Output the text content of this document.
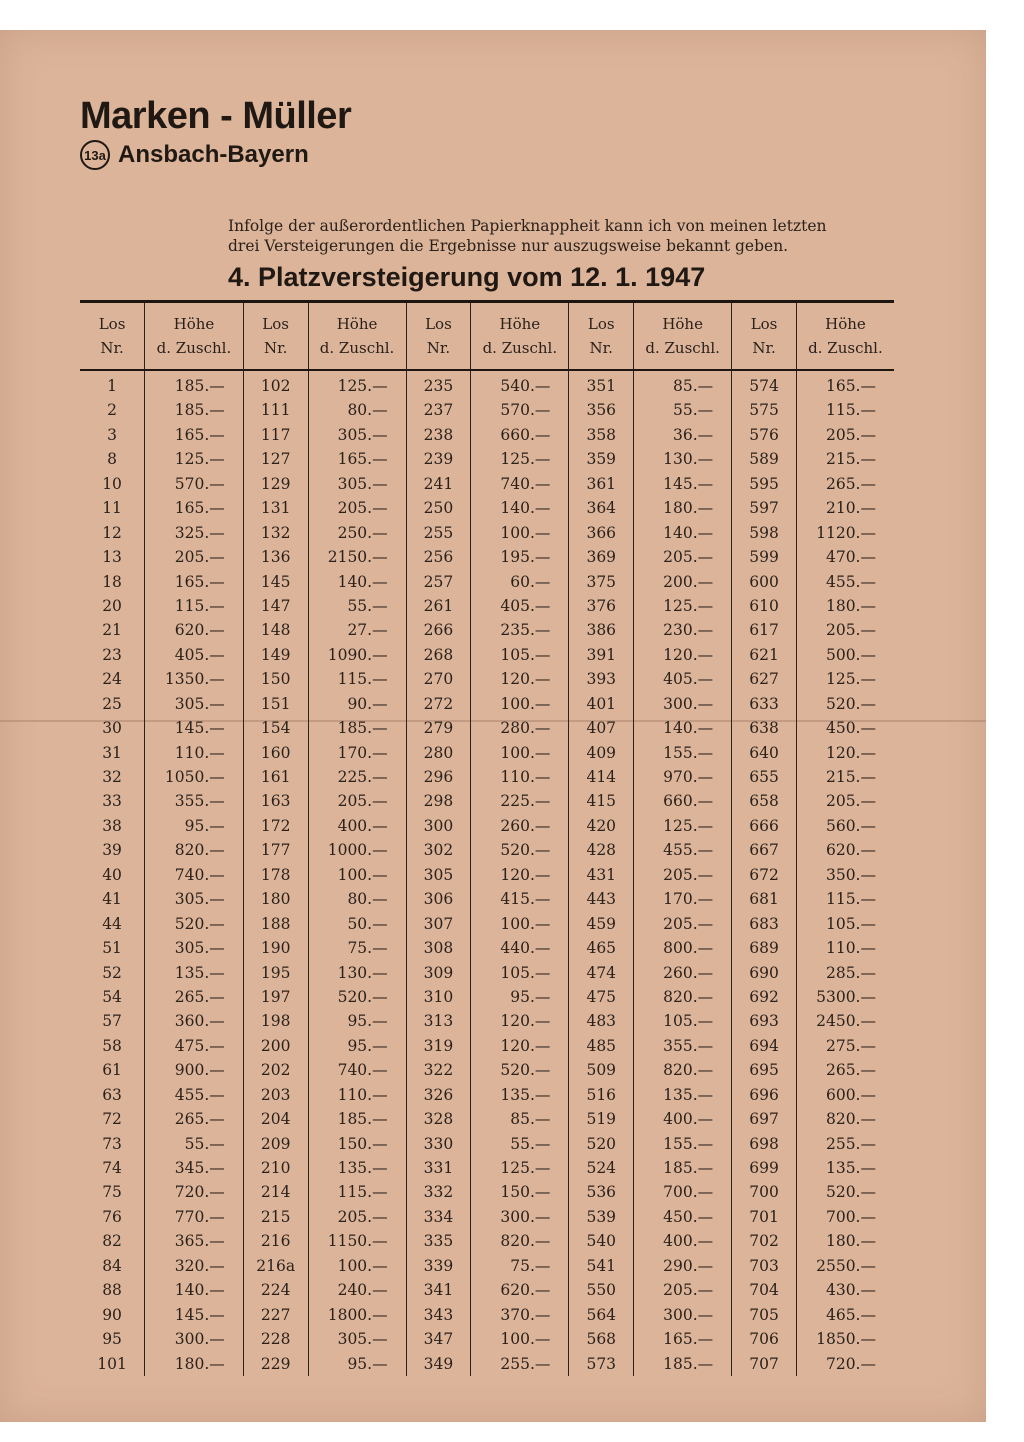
Marken - Müller
13a Ansbach-Bayern
Infolge der außerordentlichen Papierknappheit kann ich von meinen letzten
drei Versteigerungen die Ergebnisse nur auszugsweise bekannt geben.
4. Platzversteigerung vom 12. 1. 1947
Los
Nr.
Höhe
d. Zuschl.
1
2
3
8
10
11
12
13
18
20
21
23
24
25
30
31
32
33
38
39
40
41
44
51
52
54
57
58
61
63
72
73
74
75
76
82
84
88
90
95
101
185.—
185.—
165.—
125.—
570.—
165.—
325.—
205.—
165.—
115.—
620.—
405.—
1350.—
305.—
145.—
110.—
1050.—
355.—
95.—
820.—
740.—
305.—
520.—
305.—
135.—
265.—
360.—
475.—
900.—
455.—
265.—
55.—
345.—
720.—
770.—
365.—
320.—
140.—
145.—
300.—
180.—
Los
Nr.
Höhe
d. Zuschl.
102
111
117
127
129
131
132
136
145
147
148
149
150
151
154
160
161
163
172
177
178
180
188
190
195
197
198
200
202
203
204
209
210
214
215
216
216a
224
227
228
229
125.—
80.—
305.—
165.—
305.—
205.—
250.—
2150.—
140.—
55.—
27.—
1090.—
115.—
90.—
185.—
170.—
225.—
205.—
400.—
1000.—
100.—
80.—
50.—
75.—
130.—
520.—
95.—
95.—
740.—
110.—
185.—
150.—
135.—
115.—
205.—
1150.—
100.—
240.—
1800.—
305.—
95.—
Los
Nr.
Höhe
d. Zuschl.
235
237
238
239
241
250
255
256
257
261
266
268
270
272
279
280
296
298
300
302
305
306
307
308
309
310
313
319
322
326
328
330
331
332
334
335
339
341
343
347
349
540.—
570.—
660.—
125.—
740.—
140.—
100.—
195.—
60.—
405.—
235.—
105.—
120.—
100.—
280.—
100.—
110.—
225.—
260.—
520.—
120.—
415.—
100.—
440.—
105.—
95.—
120.—
120.—
520.—
135.—
85.—
55.—
125.—
150.—
300.—
820.—
75.—
620.—
370.—
100.—
255.—
Los
Nr.
Höhe
d. Zuschl.
351
356
358
359
361
364
366
369
375
376
386
391
393
401
407
409
414
415
420
428
431
443
459
465
474
475
483
485
509
516
519
520
524
536
539
540
541
550
564
568
573
85.—
55.—
36.—
130.—
145.—
180.—
140.—
205.—
200.—
125.—
230.—
120.—
405.—
300.—
140.—
155.—
970.—
660.—
125.—
455.—
205.—
170.—
205.—
800.—
260.—
820.—
105.—
355.—
820.—
135.—
400.—
155.—
185.—
700.—
450.—
400.—
290.—
205.—
300.—
165.—
185.—
Los
Nr.
Höhe
d. Zuschl.
574
575
576
589
595
597
598
599
600
610
617
621
627
633
638
640
655
658
666
667
672
681
683
689
690
692
693
694
695
696
697
698
699
700
701
702
703
704
705
706
707
165.—
115.—
205.—
215.—
265.—
210.—
1120.—
470.—
455.—
180.—
205.—
500.—
125.—
520.—
450.—
120.—
215.—
205.—
560.—
620.—
350.—
115.—
105.—
110.—
285.—
5300.—
2450.—
275.—
265.—
600.—
820.—
255.—
135.—
520.—
700.—
180.—
2550.—
430.—
465.—
1850.—
720.—
